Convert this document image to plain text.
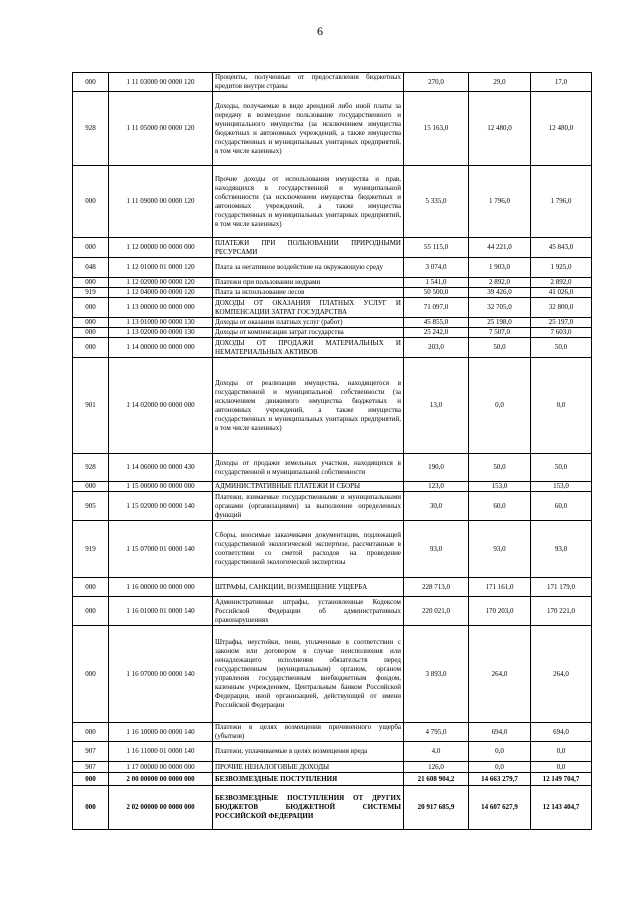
6
000	1 11 03000 00 0000 120	Проценты, полученные от предоставления бюджетных кредитов внутри страны	270,0	29,0	17,0
928	1 11 05000 00 0000 120	Доходы, получаемые в виде арендной либо иной платы за передачу в возмездное пользование государственного и муниципального имущества (за исключением имущества бюджетных и автономных учреждений, а также имущества государственных и муниципальных унитарных предприятий, в том числе казенных)	15 163,0	12 480,0	12 480,0
000	1 11 09000 00 0000 120	Прочие доходы от использования имущества и прав, находящихся в государственной и муниципальной собственности (за исключением имущества бюджетных и автономных учреждений, а также имущества государственных и муниципальных унитарных предприятий, в том числе казенных)	5 335,0	1 796,0	1 796,0
000	1 12 00000 00 0000 000	ПЛАТЕЖИ ПРИ ПОЛЬЗОВАНИИ ПРИРОДНЫМИ РЕСУРСАМИ	55 115,0	44 221,0	45 843,0
048	1 12 01000 01 0000 120	Плата за негативное воздействие на окружающую среду	3 074,0	1 903,0	1 925,0
000	1 12 02000 00 0000 120	Платежи при пользовании недрами	1 541,0	2 892,0	2 892,0
919	1 12 04000 00 0000 120	Плата за использование лесов	50 500,0	39 426,0	41 026,0
000	1 13 00000 00 0000 000	ДОХОДЫ ОТ ОКАЗАНИЯ ПЛАТНЫХ УСЛУГ И КОМПЕНСАЦИИ ЗАТРАТ ГОСУДАРСТВА	71 097,0	32 705,0	32 800,0
000	1 13 01000 00 0000 130	Доходы от оказания платных услуг (работ)	45 855,0	25 198,0	25 197,0
000	1 13 02000 00 0000 130	Доходы от компенсации затрат государства	25 242,0	7 507,0	7 603,0
000	1 14 00000 00 0000 000	ДОХОДЫ ОТ ПРОДАЖИ МАТЕРИАЛЬНЫХ И НЕМАТЕРИАЛЬНЫХ АКТИВОВ	203,0	50,0	50,0
901	1 14 02000 00 0000 000	Доходы от реализации имущества, находящегося в государственной и муниципальной собственности (за исключением движимого имущества бюджетных и автономных учреждений, а также имущества государственных и муниципальных унитарных предприятий, в том числе казенных)	13,0	0,0	0,0
928	1 14 06000 00 0000 430	Доходы от продажи земельных участков, находящихся в государственной и муниципальной собственности	190,0	50,0	50,0
000	1 15 00000 00 0000 000	АДМИНИСТРАТИВНЫЕ ПЛАТЕЖИ И СБОРЫ	123,0	153,0	153,0
905	1 15 02000 00 0000 140	Платежи, взимаемые государственными и муниципальными органами (организациями) за выполнение определенных функций	30,0	60,0	60,0
919	1 15 07000 01 0000 140	Сборы, вносимые заказчиками документации, подлежащей государственной экологической экспертизе, рассчитанные в соответствии со сметой расходов на проведение государственной экологической экспертизы	93,0	93,0	93,0
000	1 16 00000 00 0000 000	ШТРАФЫ, САНКЦИИ, ВОЗМЕЩЕНИЕ УЩЕРБА	228 713,0	171 161,0	171 179,0
000	1 16 01000 01 0000 140	Административные штрафы, установленные Кодексом Российской Федерации об административных правонарушениях	220 021,0	170 203,0	170 221,0
000	1 16 07000 00 0000 140	Штрафы, неустойки, пени, уплаченные в соответствии с законом или договором в случае неисполнения или ненадлежащего исполнения обязательств перед государственным (муниципальным) органом, органом управления государственным внебюджетным фондом, казенным учреждением, Центральным банком Российской Федерации, иной организацией, действующей от имени Российской Федерации	3 893,0	264,0	264,0
000	1 16 10000 00 0000 140	Платежи в целях возмещения причиненного ущерба (убытков)	4 795,0	694,0	694,0
907	1 16 11000 01 0000 140	Платежи, уплачиваемые в целях возмещения вреда	4,0	0,0	0,0
907	1 17 00000 00 0000 000	ПРОЧИЕ НЕНАЛОГОВЫЕ ДОХОДЫ	126,0	0,0	0,0
000	2 00 00000 00 0000 000	БЕЗВОЗМЕЗДНЫЕ ПОСТУПЛЕНИЯ	21 608 904,2	14 663 279,7	12 149 704,7
000	2 02 00000 00 0000 000	БЕЗВОЗМЕЗДНЫЕ ПОСТУПЛЕНИЯ ОТ ДРУГИХ БЮДЖЕТОВ БЮДЖЕТНОЙ СИСТЕМЫ РОССИЙСКОЙ ФЕДЕРАЦИИ	20 917 685,9	14 607 627,9	12 143 404,7
